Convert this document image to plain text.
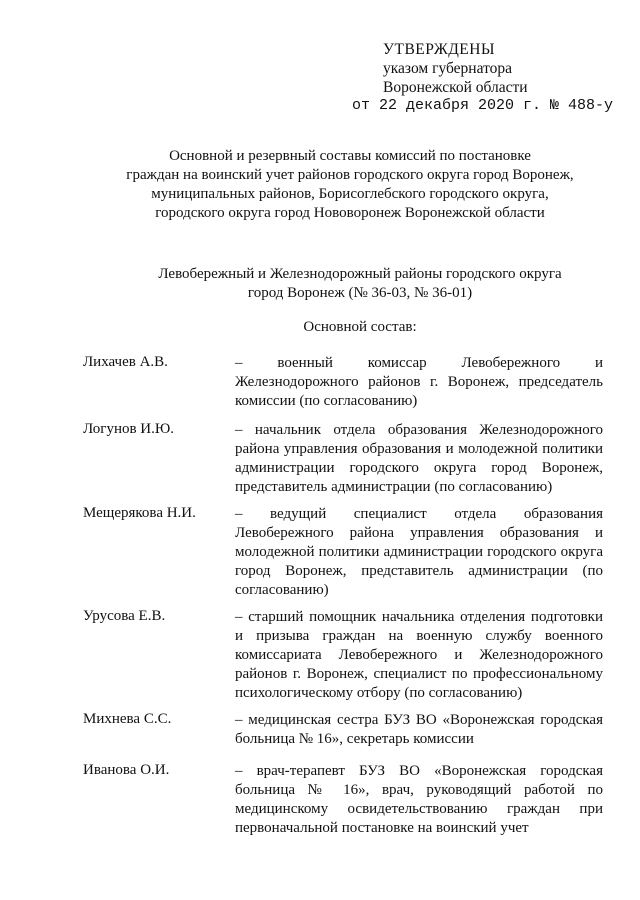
УТВЕРЖДЕНЫ
указом губернатора
Воронежской области
от 22 декабря 2020 г. № 488-у
Основной и резервный составы комиссий по постановке
граждан на воинский учет районов городского округа город Воронеж,
муниципальных районов, Борисоглебского городского округа,
городского округа город Нововоронеж Воронежской области
Левобережный и Железнодорожный районы городского округа
город Воронеж (№ 36-03, № 36-01)
Основной состав:
Лихачев А.В.	– военный комиссар Левобережного и Железнодорожного районов г. Воронеж, председатель комиссии (по согласованию)
Логунов И.Ю.	– начальник отдела образования Железнодорожного района управления образования и молодежной политики администрации городского округа город Воронеж, представитель администрации (по согласованию)
Мещерякова Н.И.	– ведущий специалист отдела образования Левобережного района управления образования и молодежной политики администрации городского округа город Воронеж, представитель администрации (по согласованию)
Урусова Е.В.	– старший помощник начальника отделения подготовки и призыва граждан на военную службу военного комиссариата Левобережного и Железнодорожного районов г. Воронеж, специалист по профессиональному психологическому отбору (по согласованию)
Михнева С.С.	– медицинская сестра БУЗ ВО «Воронежская городская больница № 16», секретарь комиссии
Иванова О.И.	– врач-терапевт БУЗ ВО «Воронежская городская больница № 16», врач, руководящий работой по медицинскому освидетельствованию граждан при первоначальной постановке на воинский учет
